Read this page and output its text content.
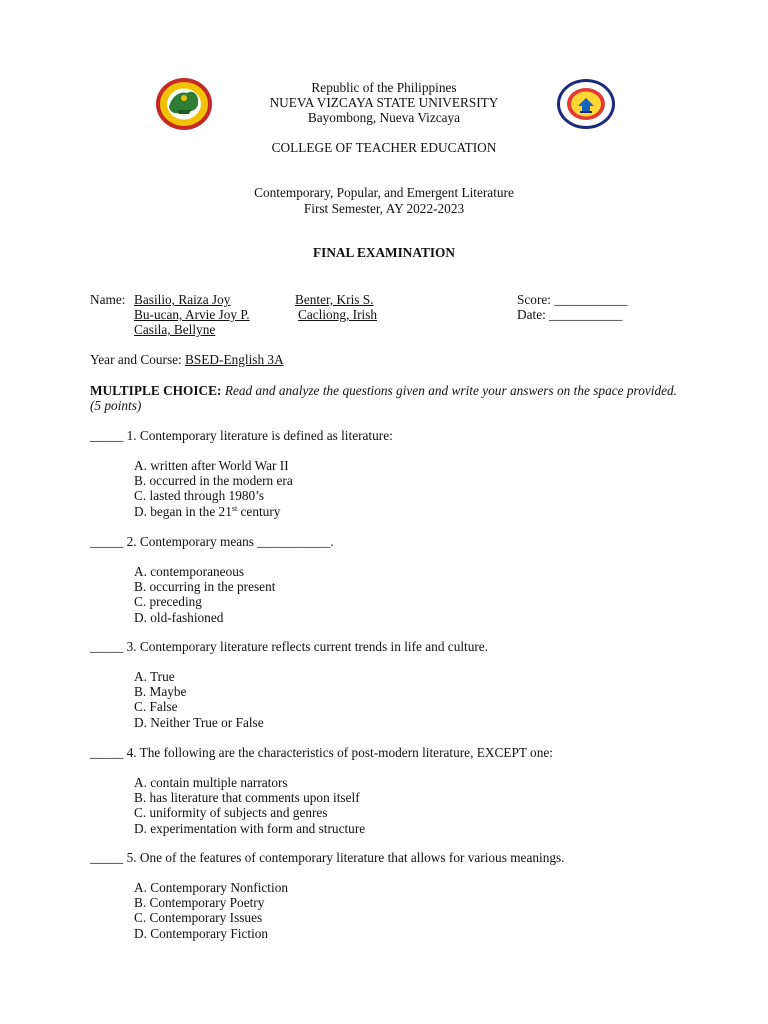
Republic of the Philippines
NUEVA VIZCAYA STATE UNIVERSITY
Bayombong, Nueva Vizcaya
COLLEGE OF TEACHER EDUCATION
Contemporary, Popular, and Emergent Literature
First Semester, AY 2022-2023
FINAL EXAMINATION
Name: Basilio, Raiza Joy	Benter, Kris S.
Bu-ucan, Arvie Joy P.	Cacliong, Irish
Casila, Bellyne
Score: ___________
Date: ___________
Year and Course: BSED-English 3A
MULTIPLE CHOICE: Read and analyze the questions given and write your answers on the space provided. (5 points)
_____ 1. Contemporary literature is defined as literature:
A. written after World War II
B. occurred in the modern era
C. lasted through 1980’s
D. began in the 21st century
_____ 2. Contemporary means ___________.
A. contemporaneous
B. occurring in the present
C. preceding
D. old-fashioned
_____ 3. Contemporary literature reflects current trends in life and culture.
A. True
B. Maybe
C. False
D. Neither True or False
_____ 4. The following are the characteristics of post-modern literature, EXCEPT one:
A. contain multiple narrators
B. has literature that comments upon itself
C. uniformity of subjects and genres
D. experimentation with form and structure
_____ 5. One of the features of contemporary literature that allows for various meanings.
A. Contemporary Nonfiction
B. Contemporary Poetry
C. Contemporary Issues
D. Contemporary Fiction
